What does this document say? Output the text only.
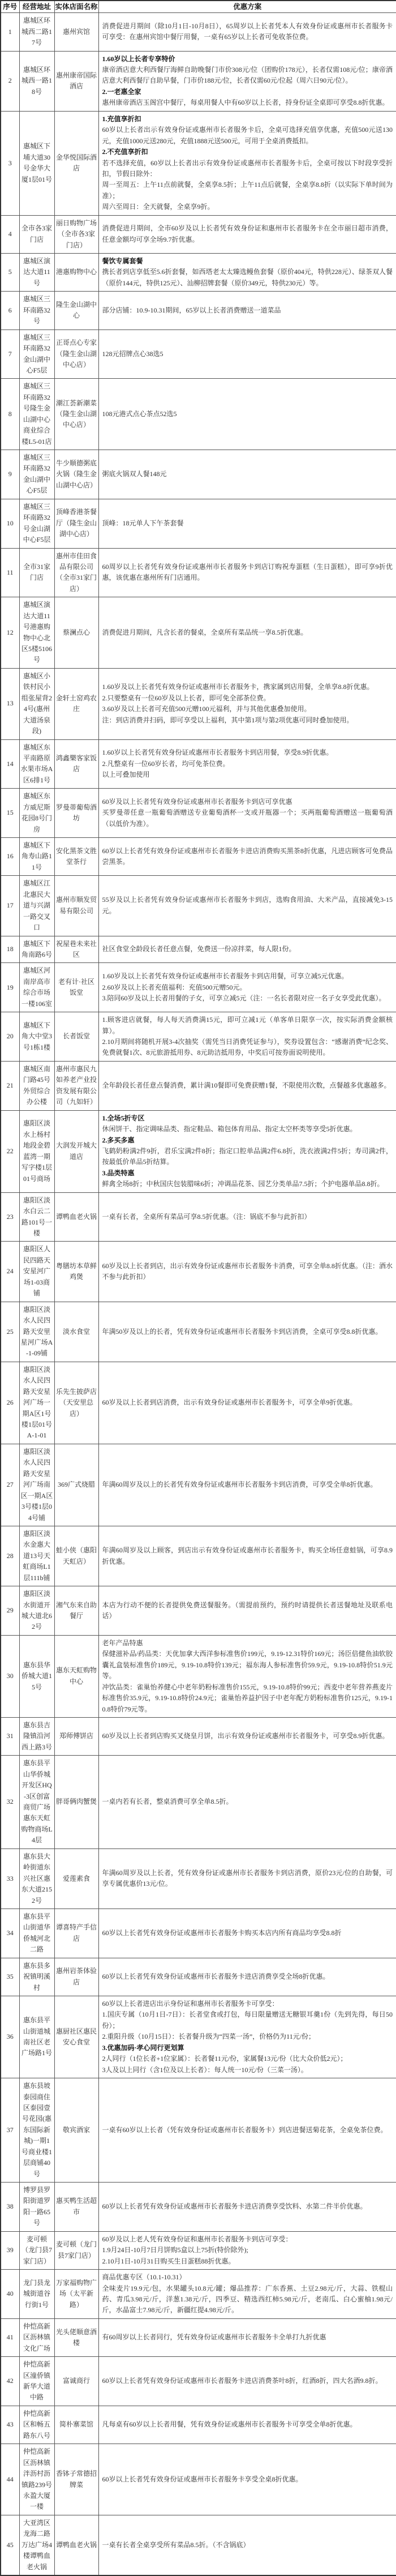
序号	经营地址	实体店面名称	优惠方案
1	惠城区环城西二路17号	惠州宾馆	消费促进月期间（除10月1日-10月8日），65周岁以上长者凭本人有效身份证或惠州市长者服务卡可享受：在惠州宾馆中餐厅用餐，一桌有65岁以上长者可免收茶位费。

2	惠城区环城西一路18号	惠州康帝国际酒店	1.60岁以上长者专享特价
康帝酒店意大利西餐厅海鲜自助晚餐门市价308元/位（团购价178元），长者仅需108元/位；康帝酒店意大利西餐厅自助早餐，门市价188元/位，长者仅需60元/位起（周六日90元/位）。
2.一老惠全家
惠州康帝酒店玉阁宫中餐厅，每桌用餐人中有60岁以上长者，持身份证全桌即可享受8.8折优惠。

3	惠城区下埔大道30号金华大厦1层01号	金华悦国际酒店	
1.充值享折扣
60岁以上长者出示有效身份证或惠州市长者服务卡后，全桌可选择充值享优惠，充值500元送130元，充值1000元送280元，充值1888元送500元，可用于全桌消费抵扣。
2.不充值享折扣
若不选择充值，60岁以上长者出示有效身份证或惠州市长者服务卡后，全桌可按以下时段享受折扣，节假日除外：
周一至周五：上午11点前就餐，全桌享8.5折；上午11点后就餐，全桌享8.8折（以实际下单时间为准）；
周六至周日：全天就餐，全桌享9折。

4	全市各3家门店	丽日购物广场（全市各3家门店）	消费促进月期间，全市60岁及以上长者凭有效身份证和惠州市长者服务卡在全市丽日超市消费，任意金额均可享全场9.7折优惠。

5	惠城区演达大道11号	港惠购物中心	餐饮专属套餐
携长者到店享低至5.6折套餐，如西塔老太太臻选鳗鱼套餐（原价404元，特供228元）、绿茶双人餐（原价144元，特供125元）、汕柳招牌套餐（原价349元，特供230元）等。

6	惠城区三环南路32号	隆生金山湖中心	部分店铺：10.9-10.31期间，65岁以上长者消费赠送一道菜品

7	惠城区三环南路32金山湖中心F5层	正哥点心专家（隆生金山湖中心店）	128元招牌点心38选5

8	惠城区三环南路32号隆生金山湖中心商业综合楼L5-01店	潮江荟新潮菜（隆生金山湖中心店）	108元港式点心茶点52选5

9	惠城区三环南路32金山湖中心F5层	牛少顺德粥底火锅（隆生金山湖中心店）	粥底火锅双人餐148元

10	惠城区三环南路32号金山湖中心F5层	顶峰香港茶餐厅（隆生金山湖中心店）	顶峰：18元单人下午茶套餐

11	全市31家门店	惠州市佳田食品有限公司（全市31家门店）	60周岁以上长者凭有效身份证或惠州市长者服务卡到店订购祝寿蛋糕（生日蛋糕），即可享9折优惠，该优惠在惠州所有门店通用。

12	惠城区演达大道11号港惠购物中心北区5楼5106号	蔡澜点心	消费促进月期间，凡含长者的餐桌，全桌所有菜品统一享8.5折优惠。

13	惠城区小铁村民小组张屋背24号(惠州大道汤泉段)	金轩土窑鸡农庄	1.60岁及以上长者凭有效身份证或惠州市长者服务卡，携家属到店用餐，全单享8.8折优惠。
2.只要整桌有一位60岁及以上长者，即可免全部茶位费。
3.60岁及以上长者可充值500元赠100元福利，并与其他优惠叠加使用。
注：到店消费并扫码，即可享受以上福利，其中第1项与第2项优惠可同时叠加使用。

14	惠城区东平南路原水果市场A区6排1号	鸿鑫樂客家饭店	1.60岁以上长者凭有效身份证或惠州市长者服务卡到店用餐，享受8.9折优惠。
2.凡整桌有一位60岁长者，均可免茶位费。
以上可叠加使用

15	惠城区东方威尼斯花园8号门房	罗曼蒂葡萄酒坊	60岁及以上长者凭有效身份证或惠州市长者服务卡到店可享优惠
买罗曼蒂任意一瓶葡萄酒赠送专业葡萄酒杯一支或开瓶器一个；买两瓶葡萄酒赠送一瓶葡萄酒（以低价为准）。

16	惠城区下角寿山路11号	安化黑茶文胜堂茶行	60岁以上长者凭有效身份证或惠州市长者服务卡进店消费购买黑茶8折优惠，凡进店顾客可免费品尝黑茶。

17	惠城区江北惠民大道与兴湖一路交叉口	惠州市顺发贸易有限公司	55岁及以上长者凭有效身份证或惠州市长者服务卡到店，选购食用油、大米产品，直接减免3-15元。

18	惠城区下角南路6号	祝屋巷未来社区	社区食堂全龄段长者任意点餐，免费送一份凉拌菜，每人限1份。

19	惠城区河南岸高市综合市场一楼106室	老有计·社区饭堂	1.60岁及以上长者凭有效身份证或惠州市长者服务卡到店用餐，可享立减5元优惠。
2.60岁及以上长者充值福利：充值500元赠50元。
3.陪同60岁及以上长者用餐的子女，可享立减5元（注：一名长者限对应一名子女享受此优惠）。

20	惠城区下角大中堂3号1栋1楼	长者饭堂	1.顾客进店就餐，每人每天消费满15元，即可立减1元（单客单日限享一次，按实际消费金额核算）。
2.10月期间将随机开展3-4次抽奖（需凭当日消费凭证参与），奖券设置包含：“感谢消费”纪念奖、免费就餐1次、8元旅游抵用券、8元助洁抵用券，中奖后可按券面说明使用。

21	惠城区南门路45号外贸综合办公楼	惠州市惠民九如养老产业投资发展有限公司（九如轩）	全年龄段长者任意点餐消费，累计满10餐即可免费获赠1餐，不限使用次数，点餐越多优惠越多。

22	惠阳区淡水上杨村地段金碧蓝湾一期写字楼1层01号商场	大润发开城大道店	
1.全场5折专区
休闲饼干、指定调味品类、指定鞋品、箱包体育用品、指定太空杯类等享受5折优惠。
2.多买多惠
飞鹤奶粉满2件9折，君乐宝满2件8折；指定口腔单品满2件6.8折，洗衣液满2件5折；寿司满2件，按最低价单品5折结算。
3.品类特惠
鲜禽全场8折；中秋国庆包装腊味6折；冲调品花茶、园艺分类单品7.5折；个护电器单品8.8折。

23	惠阳区淡水白云二路101号一楼	谭鸭血老火锅	一桌有长者，全桌所有菜品可享8.5折优惠。（注：锅底不参与此折扣）

24	惠阳区人民四路天安星河广场1-03商铺	粤膳坊本草鲜鸡煲	60岁及以上长者到店，出示有效身份证或惠州市长者服务卡消费，可享全单8.8折优惠。（注：酒水不参与此折扣）

25	惠阳区淡水人民四路天安里星河广场A-1-09铺	淡水食堂	年满50岁及以上的长者，凭有效身份证或惠州市长者服务卡到店消费，全桌可享受8.8折优惠。

26	惠阳区淡水人民四路天安星河广场一期A区1号楼1层01号A-1-01	乐先生披萨店（天安里总店）	60岁及以上长者到店消费，出示有效身份证或惠州市长者服务卡，可享全单9折优惠。

27	惠阳区淡水人民四路天安星河广场南区一期A区3号楼1层04号铺	369广式烧腊	年满60周岁及以上的长者凭有效身份证或惠州市长者服务卡到店消费，可享受全单8折优惠。

28	惠阳区淡水金惠大道13号天虹商场L1层111b铺	蛙小侠（惠阳天虹店）	年满60周岁及以上顾客，到店出示有效身份证或惠州市长者服务卡，购买全场任意蛙锅，可享8.9折优惠。

29	惠阳区淡水街道开城大道北62号	湘气东来自助餐厅	本店为行动不便的长者提供免费送餐服务。（需提前预约，预约时请提供长者送餐地址及联系电话）

30	惠东县华侨城大道15号	惠东天虹购物中心	老年产品特惠
保健滋补品/药品类：天优加拿大西洋参标准售价199元，9.19-12.31特价169元；汤臣倍健鱼油软胶囊礼盒装标准售价189元，9.19-10.8特价139元；福东海人参标准售价59.9元，9.19-10.8特价51.9元等。
冲饮品类：雀巢怡养健心中老年奶粉标准售价155元，9.19-10.8特价99元；西麦中老年营养燕麦片标准售价35.9元，9.19-10.8特价24.9元；雀巢怡养益护因子中老年配方奶粉标准售价125元，9.19-10.8特价79元等。

31	惠东县吉隆镇沿河西上路3号	郑师傅饼店	60岁及以上长者到店购买叉烧皇月饼，出示有效身份证或惠州市长者服务卡，可享受8.9折优惠。

32	惠东县平山华侨城开发区HQ-3区创富商贸广场惠东天虹购物商场L4层	胖哥俩肉蟹煲	一桌内若有长者，整桌消费可享全单8.5折。

33	惠东县大岭街道东兴社区惠东大道2152号	爱莲素食	年满60周岁及以上长者，凭有效身份证或惠州市长者服务卡到店消费，原价23元/位的自助餐，可享专属优惠价13元/位。

34	惠东县平山街道华侨城河北二路	谭喜特产手信店	60岁以上长者凭有效身份证或惠州市长者服务卡购买本店内所有商品均享受8.8折

35	惠东县多祝镇明溪村	惠州岩茶体验店	60岁以上长者凭有效身份证或惠州市长者服务卡进店消费享受全场8折优惠。

36	惠东县平山街道城南社区老广场路1号	惠厨社区惠民安心食堂	
60岁以上长者进店出示身份证和惠州市长者服务卡可享受：
1.国庆专属（10月1日-7日）：长者堂食或打包，每日限量赠送无糖银耳羹1份（先到先得，每日50份）；
2.重阳升级（10月15日）：长者餐升级为“四菜一汤”，价格仍为11元/份；
3.优惠加码·孝心同行更划算
2人同行（1位长者+1位家属）：长者餐11元/份，家属餐13元/份（比大众价低2元）；
3人及以上同行（含1位及以上长者）：每人统一10元/份（三菜一汤）。

37	惠东县坡泰园商住区泰园壹号花园(惠东国际新城)一期1号商业楼1层商铺40号	敬宾酒家	一桌有60岁以上长者（凭有效身份证或惠州市长者服务卡）到店进餐送菊花茶，全桌免茶位费。

38	博罗县罗阳街道罗阳一路65号	惠买鸭生活超市	60岁以上长者凭有效身份证或惠州市长者服务卡进店消费享受饮料、水第二件半价优惠。

39	麦可顿（龙门县7家门店）	麦可顿（龙门县7家门店）	60岁及以上老人凭有效身份证和惠州市长者服务卡到店可享受：
1.9月24日-10月7日月饼购5盒以上75折(特价除外);
2.10月1日-10月31日购买生日蛋糕88折优惠。

40	龙门县龙城街道谷行街1号	万家福购物广场（太平新路）	商品优惠专区（10.1-10.31）
全味麦片19.9元/包，水果罐头10.8元/罐；爆品推荐：广东香蕉、土豆2.98元/斤，大蒜、铁棍山药、青瓜3.98元/斤，洋葱1.38元/斤，四季豆、精选西红柿5.98元/斤，老南瓜、白心蜜柚1.98元/斤，水晶富士7.98元/斤，新疆红提4.98元/斤。

41	仲恺高新区沥林镇文化广场	光头佬顺意酒楼	有60周岁以上长者同行，凭有效身份证或惠州市长者服务卡全单打九折优惠

42	仲恺高新区潼侨镇新华大道中路	富诚商行	60岁以上长者凭有效身份证或惠州市长者服务卡进店消费茶叶8折，红酒8折，四大名酒9.8折。

43	仲恺高新区和畅五路东八号	简朴寨菜馆	凡每桌有60岁以上长者用餐，凭有效身份证或惠州市长者服务卡可享受全单8折优惠。

44	仲恺高新区沥林镇泮沥村沥镇路239号永盈大厦一楼	香钵子常德招牌菜	60岁以上长者凭有效身份证或惠州市长者服务卡享受全桌8折优惠。

45	大亚湾区龙海二路万达广场4楼谭鸭血老火锅	谭鸭血老火锅	一桌有长者全桌享受所有菜品8.5折。（不含锅底）
